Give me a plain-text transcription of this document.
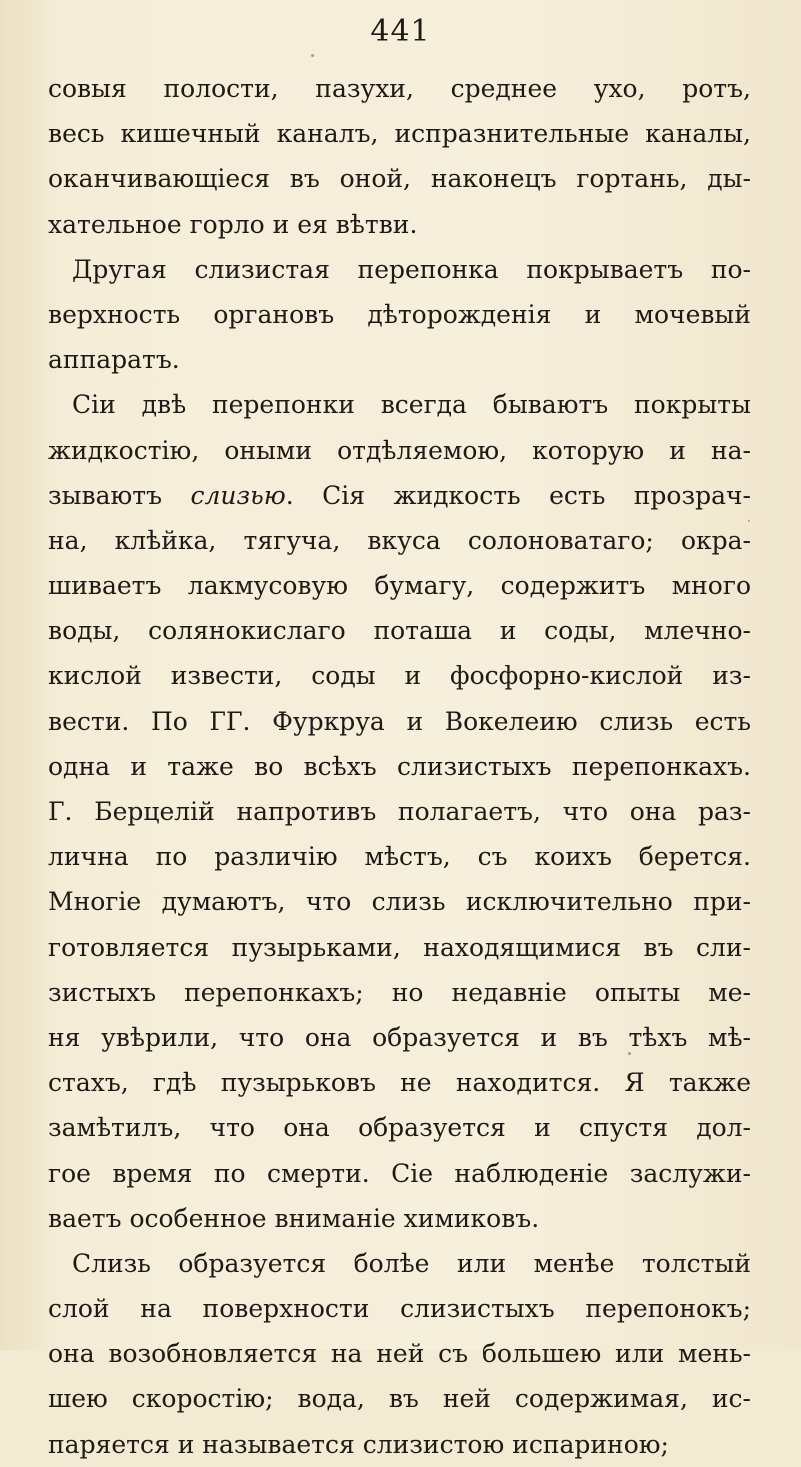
441
совыя полости, пазухи, среднее ухо, ротъ,
весь кишечный каналъ, испразнительные каналы,
оканчивающіеся въ оной, наконецъ гортань, ды-
хательное горло и ея вѣтви.
Другая слизистая перепонка покрываетъ по-
верхность органовъ дѣторожденія и мочевый
аппаратъ.
Сіи двѣ перепонки всегда бываютъ покрыты
жидкостію, оными отдѣляемою, которую и на-
зываютъ слизью. Сія жидкость есть прозрач-
на, клѣйка, тягуча, вкуса солоноватаго; окра-
шиваетъ лакмусовую бумагу, содержитъ много
воды, солянокислаго поташа и соды, млечно-
кислой извести, соды и фосфорно-кислой из-
вести. По ГГ. Фуркруа и Вокелеию слизь есть
одна и таже во всѣхъ слизистыхъ перепонкахъ.
Г. Берцелій напротивъ полагаетъ, что она раз-
лична по различію мѣстъ, съ коихъ берется.
Многіе думаютъ, что слизь исключительно при-
готовляется пузырьками, находящимися въ сли-
зистыхъ перепонкахъ; но недавніе опыты ме-
ня увѣрили, что она образуется и въ тѣхъ мѣ-
стахъ, гдѣ пузырьковъ не находится. Я также
замѣтилъ, что она образуется и спустя дол-
гое время по смерти. Сіе наблюденіе заслужи-
ваетъ особенное вниманіе химиковъ.
Слизь образуется болѣе или менѣе толстый
слой на поверхности слизистыхъ перепонокъ;
она возобновляется на ней съ большею или мень-
шею скоростію; вода, въ ней содержимая, ис-
паряется и называется слизистою испариною;
